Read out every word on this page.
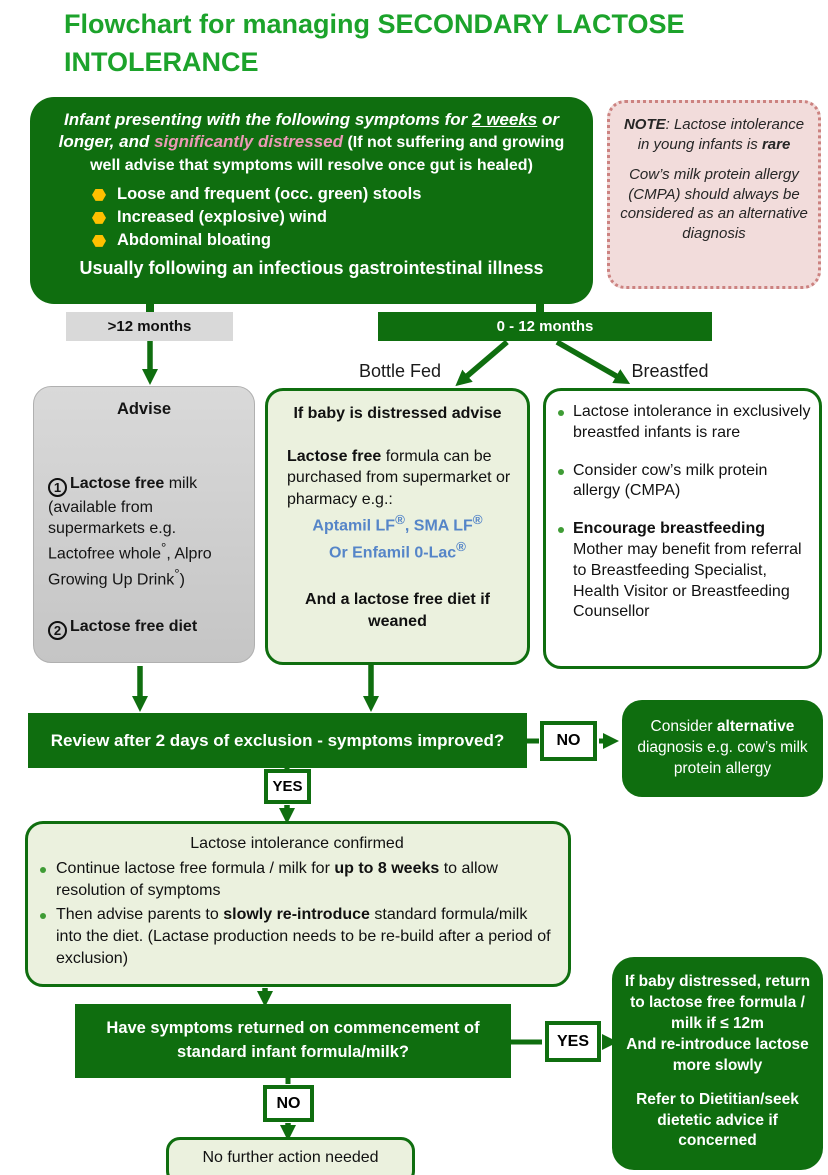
Flowchart for managing SECONDARY LACTOSE INTOLERANCE
Infant presenting with the following symptoms for 2 weeks or longer, and significantly distressed (If not suffering and growing well advise that symptoms will resolve once gut is healed)
Loose and frequent (occ. green) stools
Increased (explosive) wind
Abdominal bloating
Usually following an infectious gastrointestinal illness
NOTE: Lactose intolerance in young infants is rare
Cow’s milk protein allergy (CMPA) should always be considered as an alternative diagnosis
>12 months	0 - 12 months
Bottle Fed	Breastfed
Advise
1 Lactose free milk (available from supermarkets e.g. Lactofree whole°, Alpro Growing Up Drink°)
2 Lactose free diet
If baby is distressed advise
Lactose free formula can be purchased from supermarket or pharmacy e.g.:
Aptamil LF®, SMA LF®
Or Enfamil 0-Lac®
And a lactose free diet if weaned
Lactose intolerance in exclusively breastfed infants is rare
Consider cow’s milk protein allergy (CMPA)
Encourage breastfeeding
Mother may benefit from referral to Breastfeeding Specialist, Health Visitor or Breastfeeding Counsellor
Review after 2 days of exclusion - symptoms improved?	NO
Consider alternative diagnosis e.g. cow’s milk protein allergy
YES
Lactose intolerance confirmed
Continue lactose free formula / milk for up to 8 weeks to allow resolution of symptoms
Then advise parents to slowly re-introduce standard formula/milk into the diet. (Lactase production needs to be re-build after a period of exclusion)
Have symptoms returned on commencement of standard infant formula/milk?
YES
If baby distressed, return to lactose free formula / milk if ≤ 12m
And re-introduce lactose more slowly
Refer to Dietitian/seek dietetic advice if concerned
NO
No further action needed
